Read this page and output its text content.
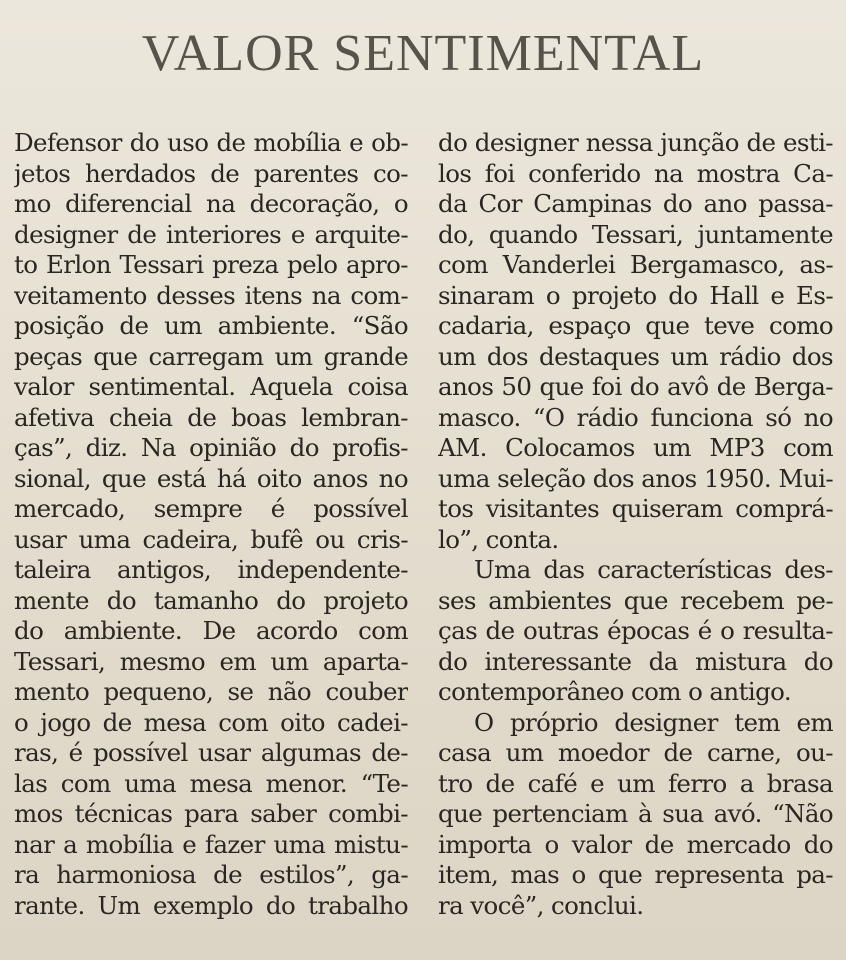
VALOR SENTIMENTAL
Defensor do uso de mobília e ob-
jetos herdados de parentes co-
mo diferencial na decoração, o
designer de interiores e arquite-
to Erlon Tessari preza pelo apro-
veitamento desses itens na com-
posição de um ambiente. “São
peças que carregam um grande
valor sentimental. Aquela coisa
afetiva cheia de boas lembran-
ças”, diz. Na opinião do profis-
sional, que está há oito anos no
mercado, sempre é possível
usar uma cadeira, bufê ou cris-
taleira antigos, independente-
mente do tamanho do projeto
do ambiente. De acordo com
Tessari, mesmo em um aparta-
mento pequeno, se não couber
o jogo de mesa com oito cadei-
ras, é possível usar algumas de-
las com uma mesa menor. “Te-
mos técnicas para saber combi-
nar a mobília e fazer uma mistu-
ra harmoniosa de estilos”, ga-
rante. Um exemplo do trabalho
do designer nessa junção de esti-
los foi conferido na mostra Ca-
da Cor Campinas do ano passa-
do, quando Tessari, juntamente
com Vanderlei Bergamasco, as-
sinaram o projeto do Hall e Es-
cadaria, espaço que teve como
um dos destaques um rádio dos
anos 50 que foi do avô de Berga-
masco. “O rádio funciona só no
AM. Colocamos um MP3 com
uma seleção dos anos 1950. Mui-
tos visitantes quiseram comprá-
lo”, conta.
Uma das características des-
ses ambientes que recebem pe-
ças de outras épocas é o resulta-
do interessante da mistura do
contemporâneo com o antigo.
O próprio designer tem em
casa um moedor de carne, ou-
tro de café e um ferro a brasa
que pertenciam à sua avó. “Não
importa o valor de mercado do
item, mas o que representa pa-
ra você”, conclui.
